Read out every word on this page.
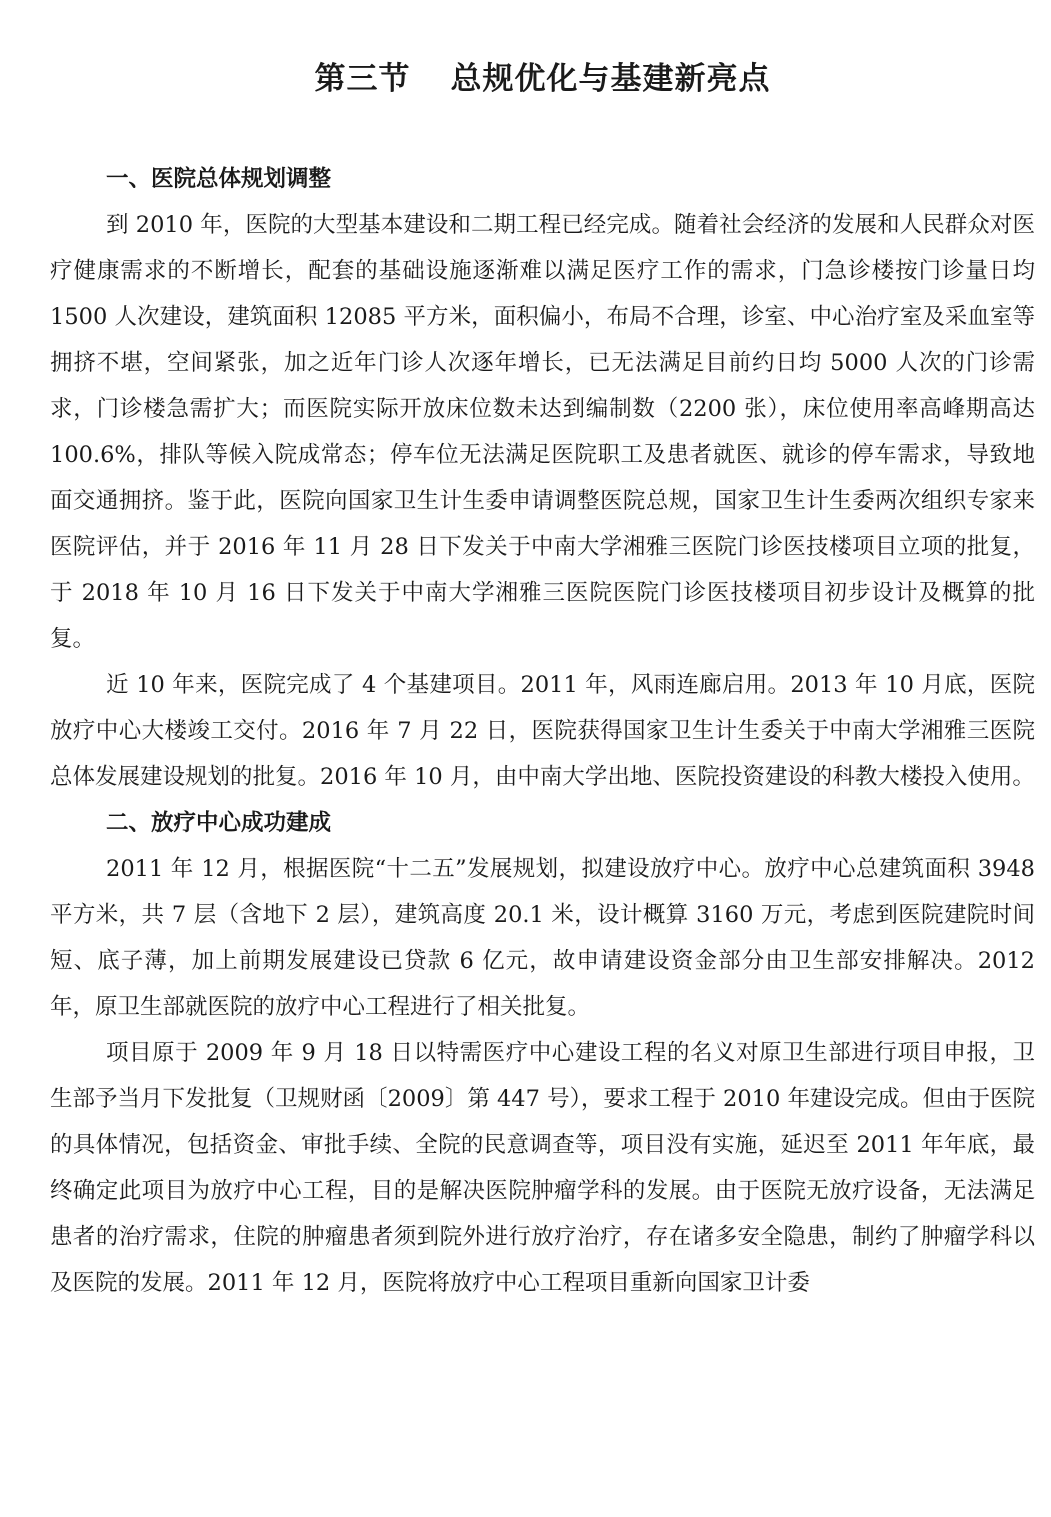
第三节 总规优化与基建新亮点
一、医院总体规划调整

到 2010 年，医院的大型基本建设和二期工程已经完成。随着社会经济的发展和人民群众对医疗健康需求的不断增长，配套的基础设施逐渐难以满足医疗工作的需求，门急诊楼按门诊量日均 1500 人次建设，建筑面积 12085 平方米，面积偏小，布局不合理，诊室、中心治疗室及采血室等拥挤不堪，空间紧张，加之近年门诊人次逐年增长，已无法满足目前约日均 5000 人次的门诊需求，门诊楼急需扩大；而医院实际开放床位数未达到编制数（2200 张），床位使用率高峰期高达 100.6%，排队等候入院成常态；停车位无法满足医院职工及患者就医、就诊的停车需求，导致地面交通拥挤。鉴于此，医院向国家卫生计生委申请调整医院总规，国家卫生计生委两次组织专家来医院评估，并于 2016 年 11 月 28 日下发关于中南大学湘雅三医院门诊医技楼项目立项的批复，于 2018 年 10 月 16 日下发关于中南大学湘雅三医院医院门诊医技楼项目初步设计及概算的批复。

近 10 年来，医院完成了 4 个基建项目。2011 年，风雨连廊启用。2013 年 10 月底，医院放疗中心大楼竣工交付。2016 年 7 月 22 日，医院获得国家卫生计生委关于中南大学湘雅三医院总体发展建设规划的批复。2016 年 10 月，由中南大学出地、医院投资建设的科教大楼投入使用。

二、放疗中心成功建成

2011 年 12 月，根据医院“十二五”发展规划，拟建设放疗中心。放疗中心总建筑面积 3948 平方米，共 7 层（含地下 2 层），建筑高度 20.1 米，设计概算 3160 万元，考虑到医院建院时间短、底子薄，加上前期发展建设已贷款 6 亿元，故申请建设资金部分由卫生部安排解决。2012 年，原卫生部就医院的放疗中心工程进行了相关批复。

项目原于 2009 年 9 月 18 日以特需医疗中心建设工程的名义对原卫生部进行项目申报，卫生部予当月下发批复（卫规财函〔2009〕第 447 号），要求工程于 2010 年建设完成。但由于医院的具体情况，包括资金、审批手续、全院的民意调查等，项目没有实施，延迟至 2011 年年底，最终确定此项目为放疗中心工程，目的是解决医院肿瘤学科的发展。由于医院无放疗设备，无法满足患者的治疗需求，住院的肿瘤患者须到院外进行放疗治疗，存在诸多安全隐患，制约了肿瘤学科以及医院的发展。2011 年 12 月，医院将放疗中心工程项目重新向国家卫计委
